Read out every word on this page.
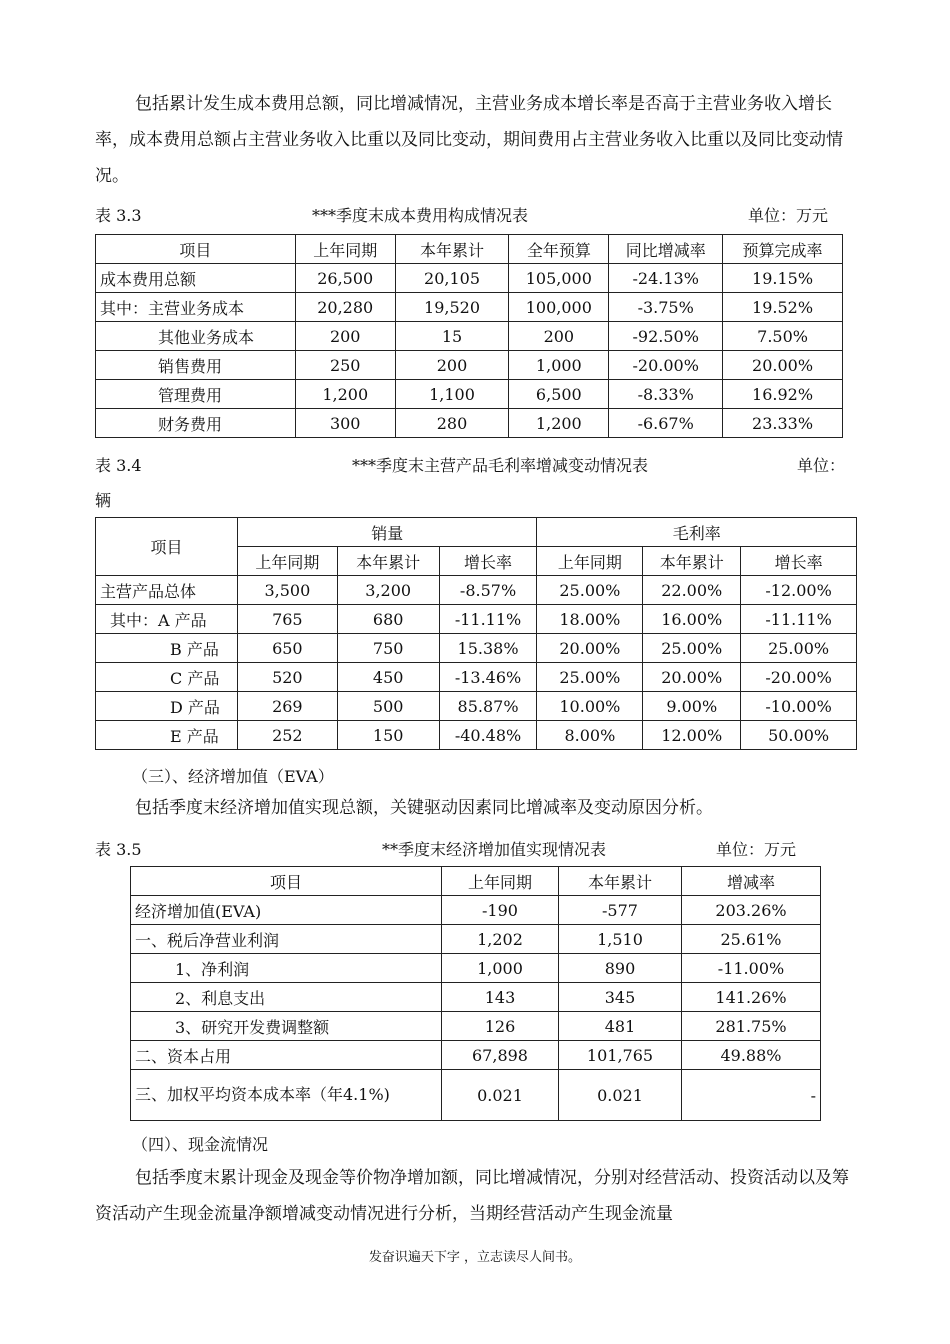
包括累计发生成本费用总额，同比增减情况，主营业务成本增长率是否高于主营业务收入增长率，成本费用总额占主营业务收入比重以及同比变动，期间费用占主营业务收入比重以及同比变动情况。

表 3.3	***季度末成本费用构成情况表	单位：万元
项目	上年同期	本年累计	全年预算	同比增减率	预算完成率
成本费用总额	26,500	20,105	105,000	-24.13%	19.15%
其中：主营业务成本	20,280	19,520	100,000	-3.75%	19.52%
其他业务成本	200	15	200	-92.50%	7.50%
销售费用	250	200	1,000	-20.00%	20.00%
管理费用	1,200	1,100	6,500	-8.33%	16.92%
财务费用	300	280	1,200	-6.67%	23.33%
表 3.4	***季度末主营产品毛利率增减变动情况表	单位：
辆
项目	销量			毛利率		
	上年同期	本年累计	增长率	上年同期	本年累计	增长率
主营产品总体	3,500	3,200	-8.57%	25.00%	22.00%	-12.00%
其中：A 产品	765	680	-11.11%	18.00%	16.00%	-11.11%
B 产品	650	750	15.38%	20.00%	25.00%	25.00%
C 产品	520	450	-13.46%	25.00%	20.00%	-20.00%
D 产品	269	500	85.87%	10.00%	9.00%	-10.00%
E 产品	252	150	-40.48%	8.00%	12.00%	50.00%
（三）、经济增加值（EVA）

包括季度末经济增加值实现总额，关键驱动因素同比增减率及变动原因分析。

表 3.5	**季度末经济增加值实现情况表	单位：万元
项目	上年同期	本年累计	增减率
经济增加值(EVA)	-190	-577	203.26%
一、税后净营业利润	1,202	1,510	25.61%
1、净利润	1,000	890	-11.00%
2、利息支出	143	345	141.26%
3、研究开发费调整额	126	481	281.75%
二、资本占用	67,898	101,765	49.88%
三、加权平均资本成本率（年4.1%)	0.021	0.021	-
（四）、现金流情况

包括季度末累计现金及现金等价物净增加额，同比增减情况，分别对经营活动、投资活动以及筹资活动产生现金流量净额增减变动情况进行分析，当期经营活动产生现金流量

发奋识遍天下字 ，立志读尽人间书。
